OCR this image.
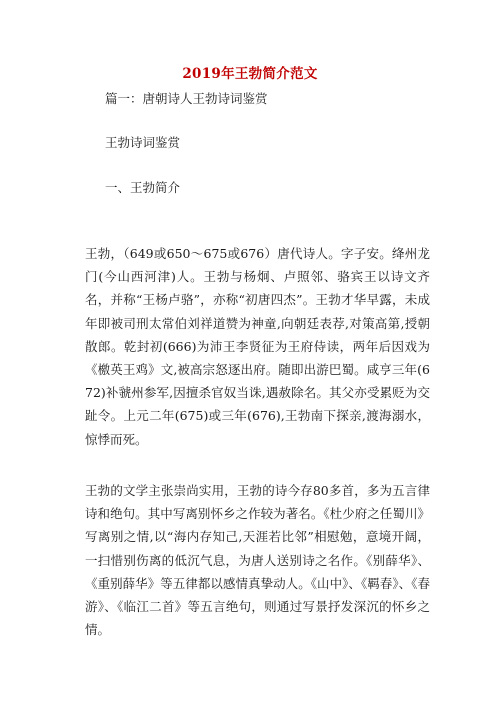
2019年王勃简介范文
篇一：唐朝诗人王勃诗词鉴赏
王勃诗词鉴赏
一、王勃简介

王勃，（649或650～675或676）唐代诗人。字子安。绛州龙门(今山西河津)人。王勃与杨炯、卢照邻、骆宾王以诗文齐名，并称“王杨卢骆”，亦称“初唐四杰”。王勃才华早露，未成年即被司刑太常伯刘祥道赞为神童,向朝廷表荐,对策高第,授朝散郎。乾封初(666)为沛王李贤征为王府侍读，两年后因戏为《檄英王鸡》文,被高宗怒逐出府。随即出游巴蜀。咸亨三年(672)补虢州参军,因擅杀官奴当诛,遇赦除名。其父亦受累贬为交趾令。上元二年(675)或三年(676),王勃南下探亲,渡海溺水，惊悸而死。

王勃的文学主张崇尚实用，王勃的诗今存80多首，多为五言律诗和绝句。其中写离别怀乡之作较为著名。《杜少府之任蜀川》写离别之情,以“海内存知己,天涯若比邻”相慰勉，意境开阔，一扫惜别伤离的低沉气息，为唐人送别诗之名作。《别薛华》、《重别薛华》等五律都以感情真挚动人。《山中》、《羁春》、《春游》、《临江二首》等五言绝句，则通过写景抒发深沉的怀乡之情。
